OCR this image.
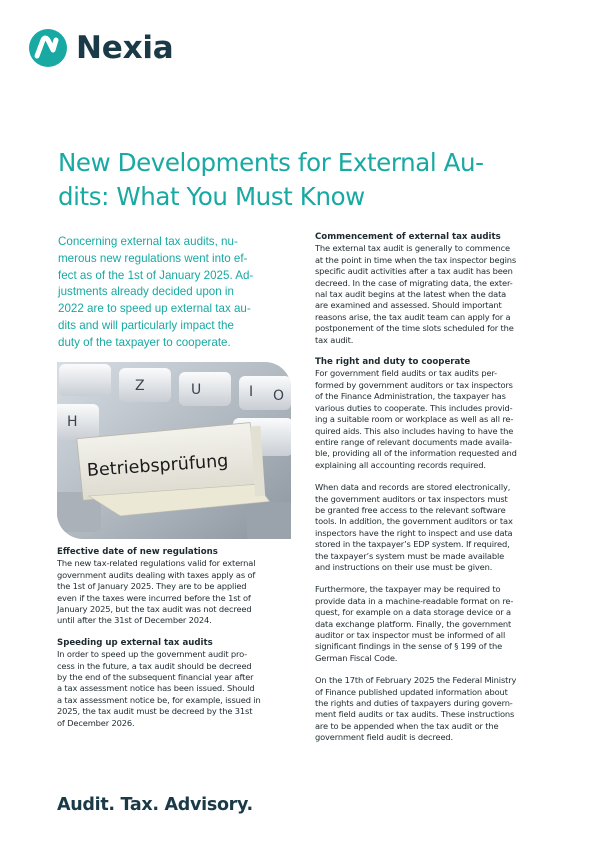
Nexia
New Developments for External Au-
dits: What You Must Know

Concerning external tax audits, nu-
merous new regulations went into ef-
fect as of the 1st of January 2025. Ad-
justments already decided upon in
2022 are to speed up external tax au-
dits and will particularly impact the
duty of the taxpayer to cooperate.

Z	U	I O
H
Betriebsprüfung
Effective date of new regulations
The new tax-related regulations valid for external
government audits dealing with taxes apply as of
the 1st of January 2025. They are to be applied
even if the taxes were incurred before the 1st of
January 2025, but the tax audit was not decreed
until after the 31st of December 2024.
Speeding up external tax audits
In order to speed up the government audit pro-
cess in the future, a tax audit should be decreed
by the end of the subsequent financial year after
a tax assessment notice has been issued. Should
a tax assessment notice be, for example, issued in
2025, the tax audit must be decreed by the 31st
of December 2026.
Commencement of external tax audits
The external tax audit is generally to commence
at the point in time when the tax inspector begins
specific audit activities after a tax audit has been
decreed. In the case of migrating data, the exter-
nal tax audit begins at the latest when the data
are examined and assessed. Should important
reasons arise, the tax audit team can apply for a
postponement of the time slots scheduled for the
tax audit.
The right and duty to cooperate
For government field audits or tax audits per-
formed by government auditors or tax inspectors
of the Finance Administration, the taxpayer has
various duties to cooperate. This includes provid-
ing a suitable room or workplace as well as all re-
quired aids. This also includes having to have the
entire range of relevant documents made availa-
ble, providing all of the information requested and
explaining all accounting records required.
When data and records are stored electronically,
the government auditors or tax inspectors must
be granted free access to the relevant software
tools. In addition, the government auditors or tax
inspectors have the right to inspect and use data
stored in the taxpayer’s EDP system. If required,
the taxpayer’s system must be made available
and instructions on their use must be given.
Furthermore, the taxpayer may be required to
provide data in a machine-readable format on re-
quest, for example on a data storage device or a
data exchange platform. Finally, the government
auditor or tax inspector must be informed of all
significant findings in the sense of § 199 of the
German Fiscal Code.
On the 17th of February 2025 the Federal Ministry
of Finance published updated information about
the rights and duties of taxpayers during govern-
ment field audits or tax audits. These instructions
are to be appended when the tax audit or the
government field audit is decreed.

Audit. Tax. Advisory.
